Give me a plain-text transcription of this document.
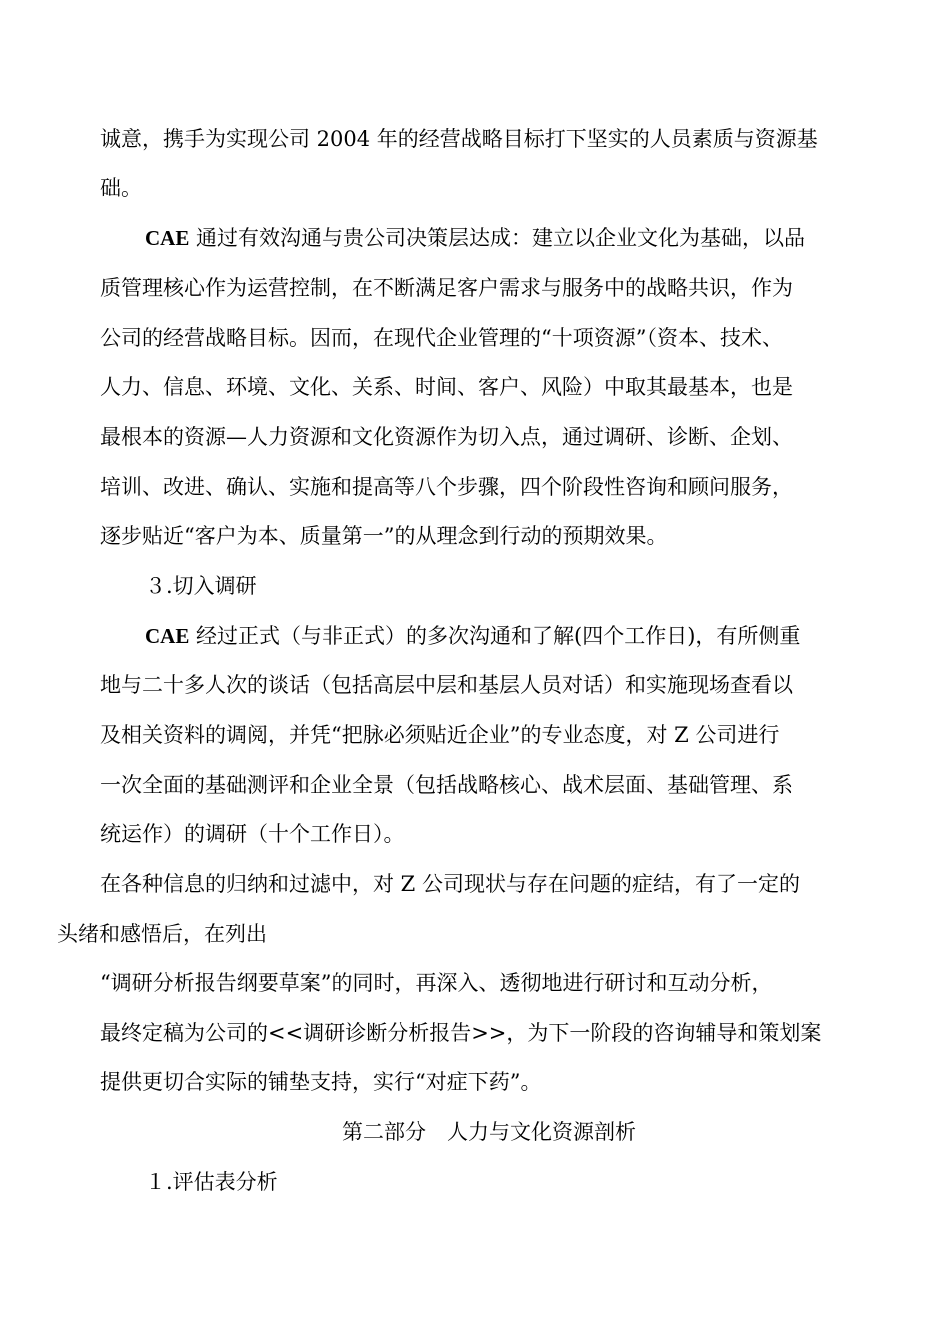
诚意，携手为实现公司 2004 年的经营战略目标打下坚实的人员素质与资源基
础。
CAE 通过有效沟通与贵公司决策层达成：建立以企业文化为基础，以品
质管理核心作为运营控制，在不断满足客户需求与服务中的战略共识，作为
公司的经营战略目标。因而，在现代企业管理的“十项资源”（资本、技术、
人力、信息、环境、文化、关系、时间、客户、风险）中取其最基本，也是
最根本的资源—人力资源和文化资源作为切入点，通过调研、诊断、企划、
培训、改进、确认、实施和提高等八个步骤，四个阶段性咨询和顾问服务，
逐步贴近“客户为本、质量第一”的从理念到行动的预期效果。
３.切入调研
CAE 经过正式（与非正式）的多次沟通和了解(四个工作日)，有所侧重
地与二十多人次的谈话（包括高层中层和基层人员对话）和实施现场查看以
及相关资料的调阅，并凭“把脉必须贴近企业”的专业态度，对 Z 公司进行
一次全面的基础测评和企业全景（包括战略核心、战术层面、基础管理、系
统运作）的调研（十个工作日）。
在各种信息的归纳和过滤中，对 Z 公司现状与存在问题的症结，有了一定的
头绪和感悟后，在列出
“调研分析报告纲要草案”的同时，再深入、透彻地进行研讨和互动分析，
最终定稿为公司的<<调研诊断分析报告>>，为下一阶段的咨询辅导和策划案
提供更切合实际的铺垫支持，实行“对症下药”。
第二部分　人力与文化资源剖析
１.评估表分析
